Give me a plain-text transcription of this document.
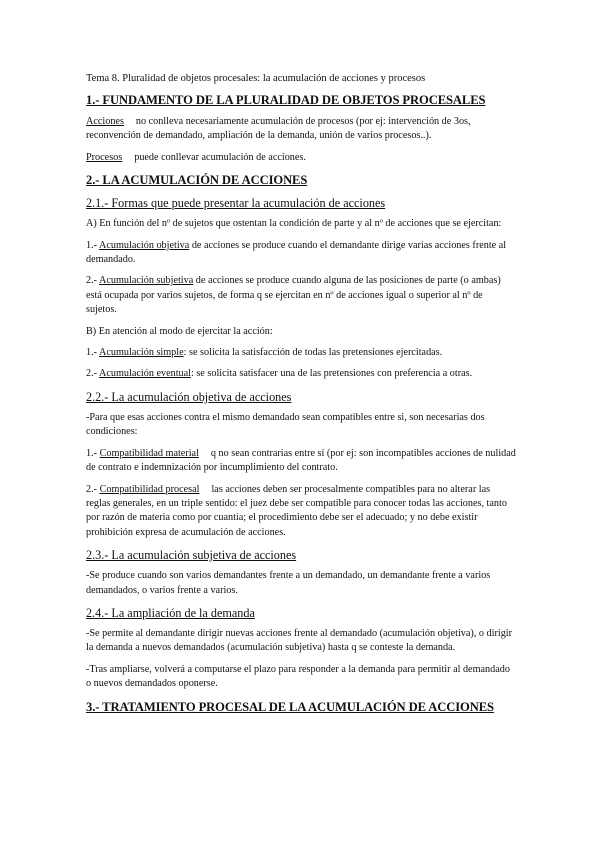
Tema 8. Pluralidad de objetos procesales: la acumulación de acciones y procesos
1.- FUNDAMENTO DE LA PLURALIDAD DE OBJETOS PROCESALES

Acciones no conlleva necesariamente acumulación de procesos (por ej: intervención de 3os, reconvención de demandado, ampliación de la demanda, unión de varios procesos..).

Procesos puede conllevar acumulación de acciones.

2.- LA ACUMULACIÓN DE ACCIONES
2.1.- Formas que puede presentar la acumulación de acciones

A) En función del nº de sujetos que ostentan la condición de parte y al nº de acciones que se ejercitan:

1.- Acumulación objetiva de acciones se produce cuando el demandante dirige varias acciones frente al demandado.

2.- Acumulación subjetiva de acciones se produce cuando alguna de las posiciones de parte (o ambas) está ocupada por varios sujetos, de forma q se ejercitan en nº de acciones igual o superior al nº de sujetos.

B) En atención al modo de ejercitar la acción:

1.- Acumulación simple: se solicita la satisfacción de todas las pretensiones ejercitadas.

2.- Acumulación eventual: se solicita satisfacer una de las pretensiones con preferencia a otras.

2.2.- La acumulación objetiva de acciones

-Para que esas acciones contra el mismo demandado sean compatibles entre si, son necesarias dos condiciones:

1.- Compatibilidad material q no sean contrarias entre sí (por ej: son incompatibles acciones de nulidad de contrato e indemnización por incumplimiento del contrato.

2.- Compatibilidad procesal las acciones deben ser procesalmente compatibles para no alterar las reglas generales, en un triple sentido: el juez debe ser compatible para conocer todas las acciones, tanto por razón de materia como por cuantía; el procedimiento debe ser el adecuado; y no debe existir prohibición expresa de acumulación de acciones.

2.3.- La acumulación subjetiva de acciones

-Se produce cuando son varios demandantes frente a un demandado, un demandante frente a varios demandados, o varios frente a varios.

2.4.- La ampliación de la demanda

-Se permite al demandante dirigir nuevas acciones frente al demandado (acumulación objetiva), o dirigir la demanda a nuevos demandados (acumulación subjetiva) hasta q se conteste la demanda.

-Tras ampliarse, volverá a computarse el plazo para responder a la demanda para permitir al demandado o nuevos demandados oponerse.

3.- TRATAMIENTO PROCESAL DE LA ACUMULACIÓN DE ACCIONES
